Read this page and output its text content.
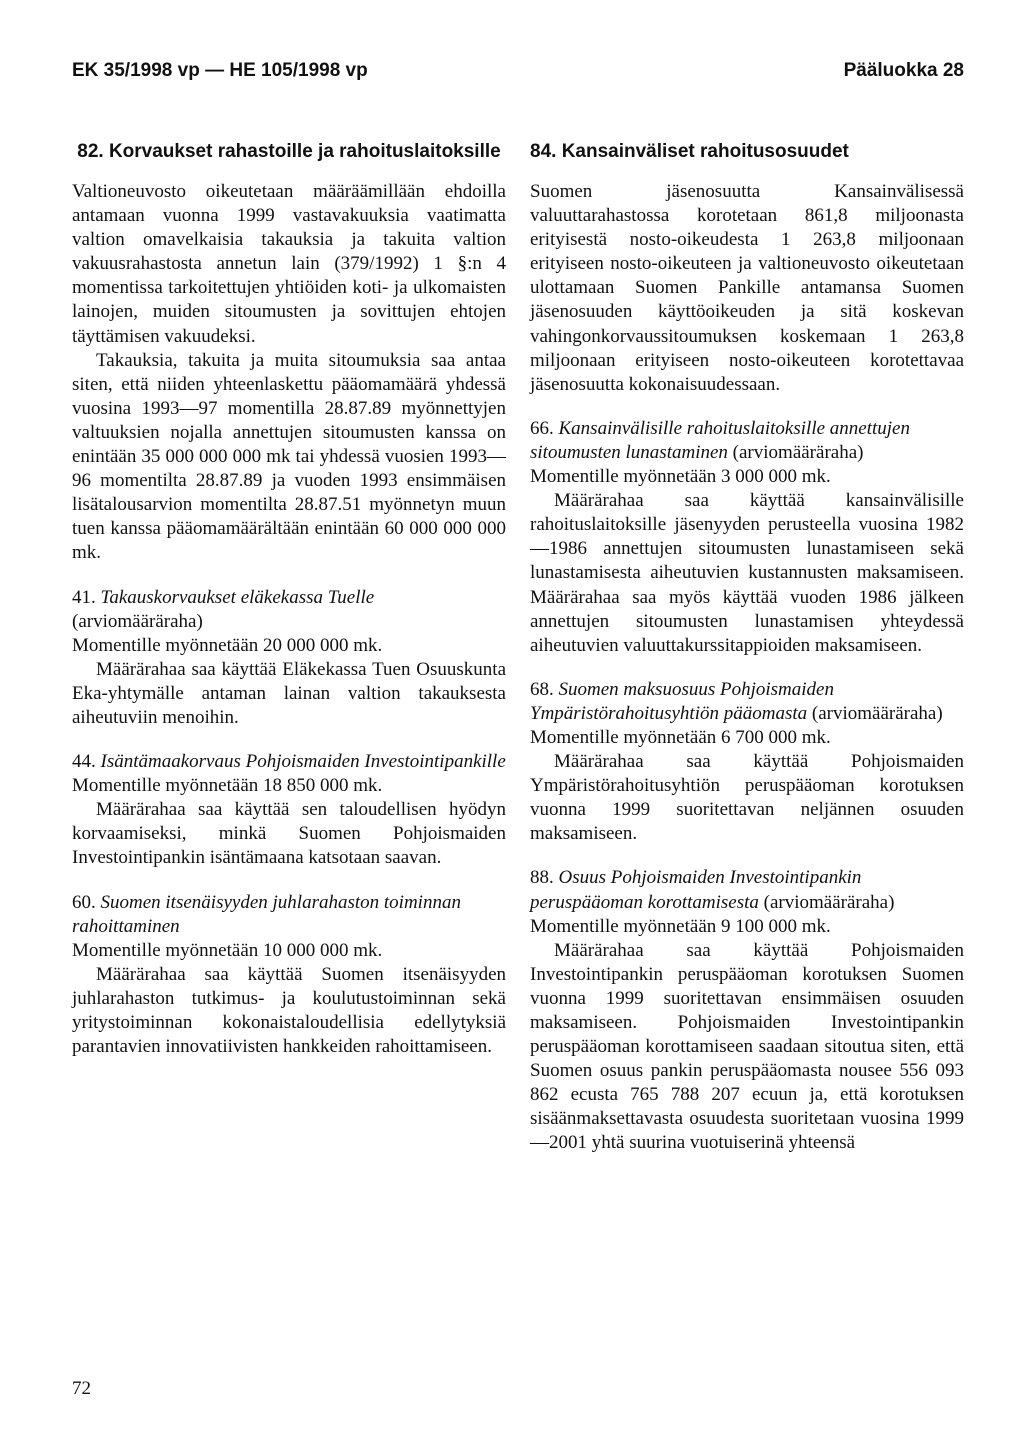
EK 35/1998 vp — HE 105/1998 vp	Pääluokka 28
82. Korvaukset rahastoille ja rahoituslaitoksille

Valtioneuvosto oikeutetaan määräämillään ehdoilla antamaan vuonna 1999 vastavakuuksia vaatimatta valtion omavelkaisia takauksia ja takuita valtion vakuusrahastosta annetun lain (379/1992) 1 §:n 4 momentissa tarkoitettujen yhtiöiden koti- ja ulkomaisten lainojen, muiden sitoumusten ja sovittujen ehtojen täyttämisen vakuudeksi.

Takauksia, takuita ja muita sitoumuksia saa antaa siten, että niiden yhteenlaskettu pääomamäärä yhdessä vuosina 1993—97 momentilla 28.87.89 myönnettyjen valtuuksien nojalla annettujen sitoumusten kanssa on enintään 35 000 000 000 mk tai yhdessä vuosien 1993—96 momentilta 28.87.89 ja vuoden 1993 ensimmäisen lisätalousarvion momentilta 28.87.51 myönnetyn muun tuen kanssa pääomamäärältään enintään 60 000 000 000 mk.

41. Takauskorvaukset eläkekassa Tuelle (arviomääräraha)

Momentille myönnetään 20 000 000 mk.

Määrärahaa saa käyttää Eläkekassa Tuen Osuuskunta Eka-yhtymälle antaman lainan valtion takauksesta aiheutuviin menoihin.

44. Isäntämaakorvaus Pohjoismaiden Investointipankille

Momentille myönnetään 18 850 000 mk.

Määrärahaa saa käyttää sen taloudellisen hyödyn korvaamiseksi, minkä Suomen Pohjoismaiden Investointipankin isäntämaana katsotaan saavan.

60. Suomen itsenäisyyden juhlarahaston toiminnan rahoittaminen

Momentille myönnetään 10 000 000 mk.

Määrärahaa saa käyttää Suomen itsenäisyyden juhlarahaston tutkimus- ja koulutustoiminnan sekä yritystoiminnan kokonaistaloudellisia edellytyksiä parantavien innovatiivisten hankkeiden rahoittamiseen.

84. Kansainväliset rahoitusosuudet

Suomen jäsenosuutta Kansainvälisessä valuuttarahastossa korotetaan 861,8 miljoonasta erityisestä nosto-oikeudesta 1 263,8 miljoonaan erityiseen nosto-oikeuteen ja valtioneuvosto oikeutetaan ulottamaan Suomen Pankille antamansa Suomen jäsenosuuden käyttöoikeuden ja sitä koskevan vahingonkorvaussitoumuksen koskemaan 1 263,8 miljoonaan erityiseen nosto-oikeuteen korotettavaa jäsenosuutta kokonaisuudessaan.

66. Kansainvälisille rahoituslaitoksille annettujen sitoumusten lunastaminen (arviomääräraha)

Momentille myönnetään 3 000 000 mk.

Määrärahaa saa käyttää kansainvälisille rahoituslaitoksille jäsenyyden perusteella vuosina 1982—1986 annettujen sitoumusten lunastamiseen sekä lunastamisesta aiheutuvien kustannusten maksamiseen. Määrärahaa saa myös käyttää vuoden 1986 jälkeen annettujen sitoumusten lunastamisen yhteydessä aiheutuvien valuuttakurssitappioiden maksamiseen.

68. Suomen maksuosuus Pohjoismaiden Ympäristörahoitusyhtiön pääomasta (arviomääräraha)

Momentille myönnetään 6 700 000 mk.

Määrärahaa saa käyttää Pohjoismaiden Ympäristörahoitusyhtiön peruspääoman korotuksen vuonna 1999 suoritettavan neljännen osuuden maksamiseen.

88. Osuus Pohjoismaiden Investointipankin peruspääoman korottamisesta (arviomääräraha)

Momentille myönnetään 9 100 000 mk.

Määrärahaa saa käyttää Pohjoismaiden Investointipankin peruspääoman korotuksen Suomen vuonna 1999 suoritettavan ensimmäisen osuuden maksamiseen. Pohjoismaiden Investointipankin peruspääoman korottamiseen saadaan sitoutua siten, että Suomen osuus pankin peruspääomasta nousee 556 093 862 ecusta 765 788 207 ecuun ja, että korotuksen sisäänmaksettavasta osuudesta suoritetaan vuosina 1999—2001 yhtä suurina vuotuiserinä yhteensä

72
